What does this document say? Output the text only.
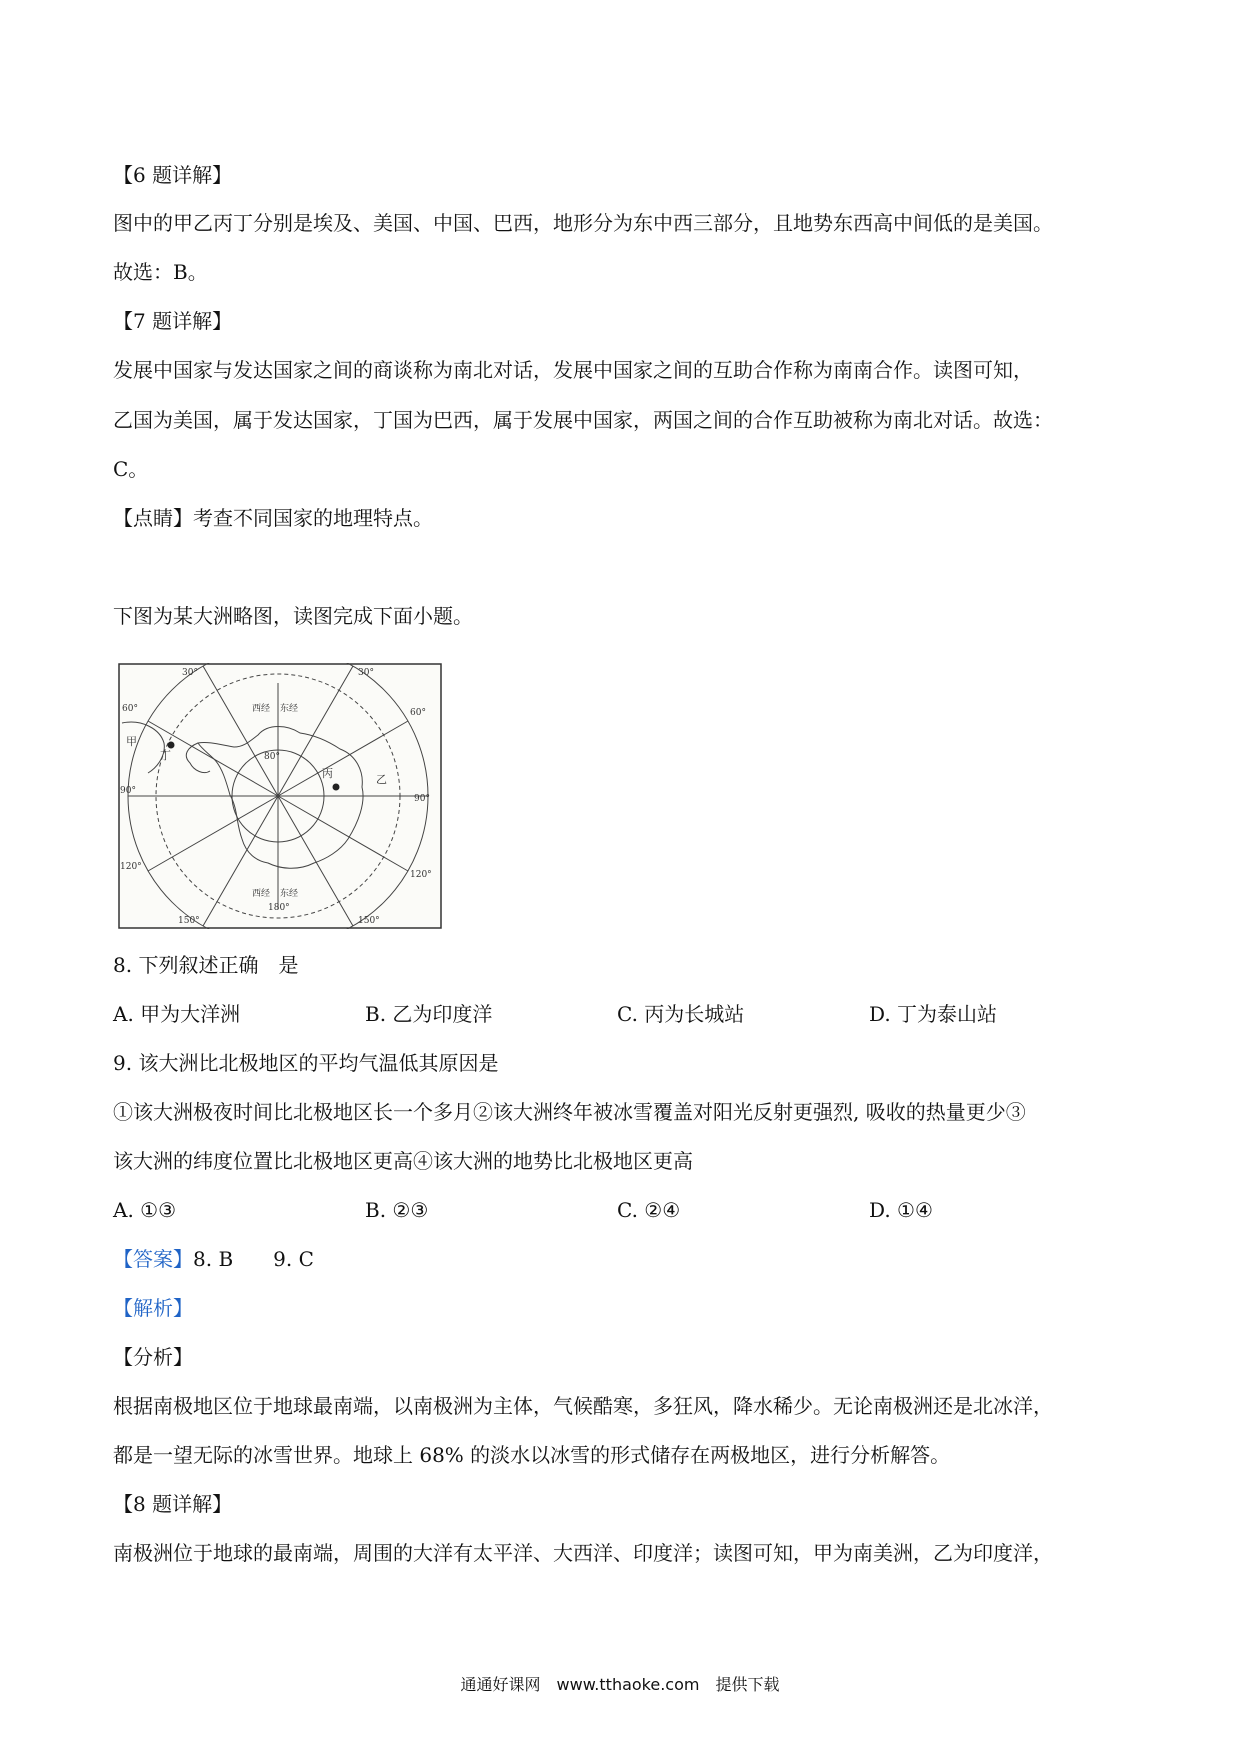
【6 题详解】
图中的甲乙丙丁分别是埃及、美国、中国、巴西，地形分为东中西三部分，且地势东西高中间低的是美国。
故选：B。
【7 题详解】
发展中国家与发达国家之间的商谈称为南北对话，发展中国家之间的互助合作称为南南合作。读图可知，
乙国为美国，属于发达国家，丁国为巴西，属于发展中国家，两国之间的合作互助被称为南北对话。故选：
C。
【点睛】考查不同国家的地理特点。
下图为某大洲略图，读图完成下面小题。
30°	30°
60°	60°
90°
90°
120°
120°
150°	150°
180°
80°
西经 东经
西经 东经
甲
乙
丙
丁
8. 下列叙述正确　是
A. 甲为大洋洲	B. 乙为印度洋	C. 丙为长城站	D. 丁为泰山站
9. 该大洲比北极地区的平均气温低其原因是
①该大洲极夜时间比北极地区长一个多月②该大洲终年被冰雪覆盖对阳光反射更强烈, 吸收的热量更少③
该大洲的纬度位置比北极地区更高④该大洲的地势比北极地区更高
A. ①③	B. ②③	C. ②④	D. ①④
【答案】8. B　　9. C
【解析】
【分析】
根据南极地区位于地球最南端，以南极洲为主体，气候酷寒，多狂风，降水稀少。无论南极洲还是北冰洋，
都是一望无际的冰雪世界。地球上 68% 的淡水以冰雪的形式储存在两极地区，进行分析解答。
【8 题详解】
南极洲位于地球的最南端，周围的大洋有太平洋、大西洋、印度洋；读图可知，甲为南美洲，乙为印度洋，
通通好课网　www.tthaoke.com　提供下载
